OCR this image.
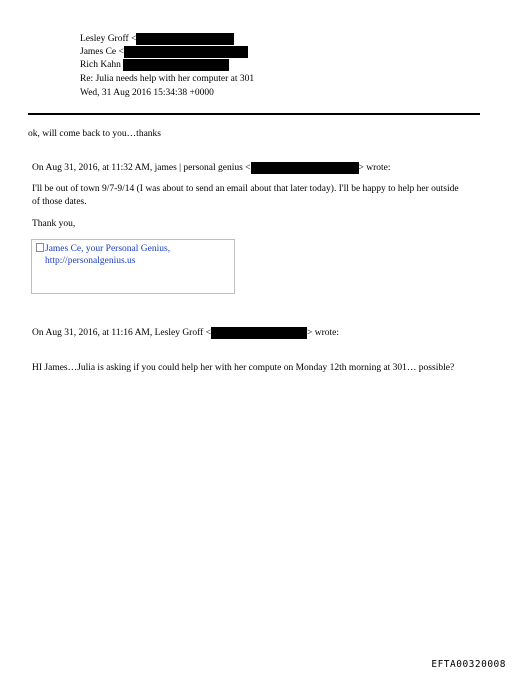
Lesley Groff <
James Ce <
Rich Kahn
Re: Julia needs help with her computer at 301
Wed, 31 Aug 2016 15:34:38 +0000
ok, will come back to you…thanks
On Aug 31, 2016, at 11:32 AM, james | personal genius <	> wrote:
I'll be out of town 9/7-9/14 (I was about to send an email about that later today). I'll be happy to help her outside of those dates.
Thank you,
James Ce, your Personal Genius, http://personalgenius.us
On Aug 31, 2016, at 11:16 AM, Lesley Groff <	> wrote:
HI James…Julia is asking if you could help her with her compute on Monday 12th morning at 301… possible?
EFTA00320008
